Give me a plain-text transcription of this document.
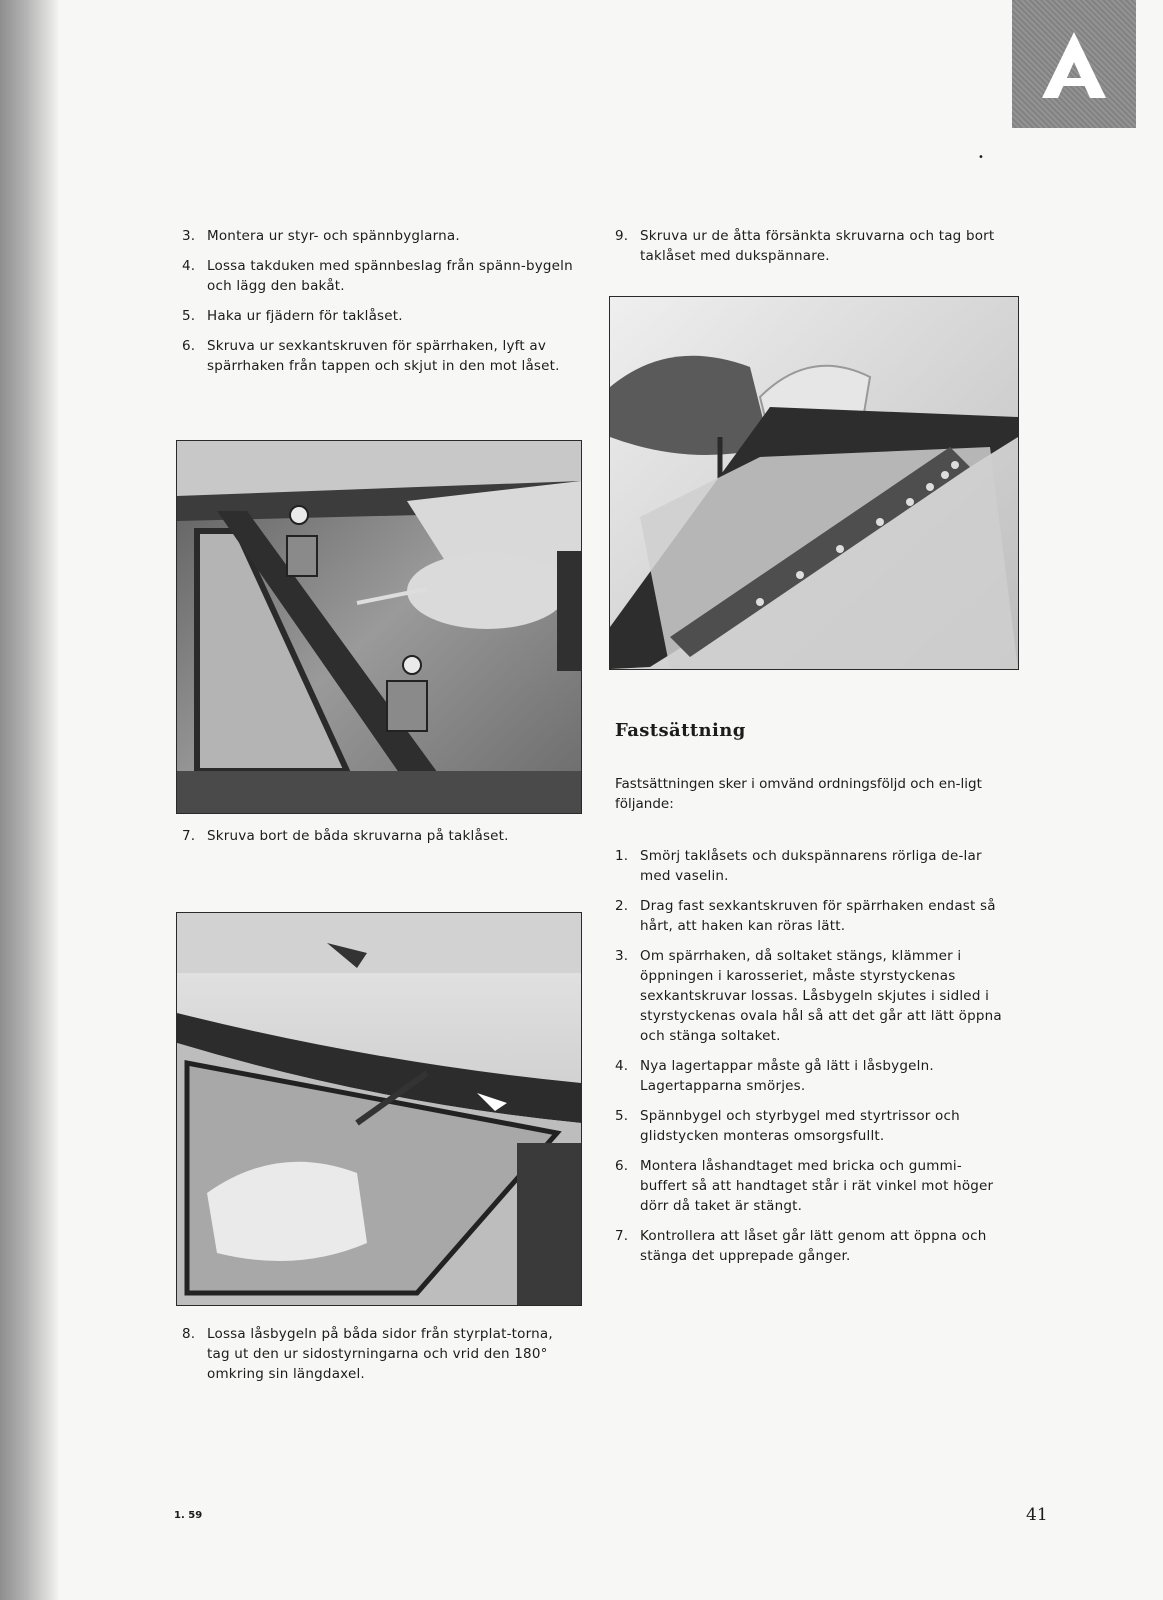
•
3. Montera ur styr- och spännbyglarna.
4. Lossa takduken med spännbeslag från spänn-bygeln och lägg den bakåt.
5. Haka ur fjädern för taklåset.
6. Skruva ur sexkantskruven för spärrhaken, lyft av spärrhaken från tappen och skjut in den mot låset.
7. Skruva bort de båda skruvarna på taklåset.
8. Lossa låsbygeln på båda sidor från styrplat-torna, tag ut den ur sidostyrningarna och vrid den 180° omkring sin längdaxel.
9. Skruva ur de åtta försänkta skruvarna och tag bort taklåset med dukspännare.
Fastsättning
Fastsättningen sker i omvänd ordningsföljd och en-ligt följande:
1. Smörj taklåsets och dukspännarens rörliga de-lar med vaselin.
2. Drag fast sexkantskruven för spärrhaken endast så hårt, att haken kan röras lätt.
3. Om spärrhaken, då soltaket stängs, klämmer i öppningen i karosseriet, måste styrstyckenas sexkantskruvar lossas. Låsbygeln skjutes i sidled i styrstyckenas ovala hål så att det går att lätt öppna och stänga soltaket.
4. Nya lagertappar måste gå lätt i låsbygeln. Lagertapparna smörjes.
5. Spännbygel och styrbygel med styrtrissor och glidstycken monteras omsorgsfullt.
6. Montera låshandtaget med bricka och gummi-buffert så att handtaget står i rät vinkel mot höger dörr då taket är stängt.
7. Kontrollera att låset går lätt genom att öppna och stänga det upprepade gånger.
1. 59	41
